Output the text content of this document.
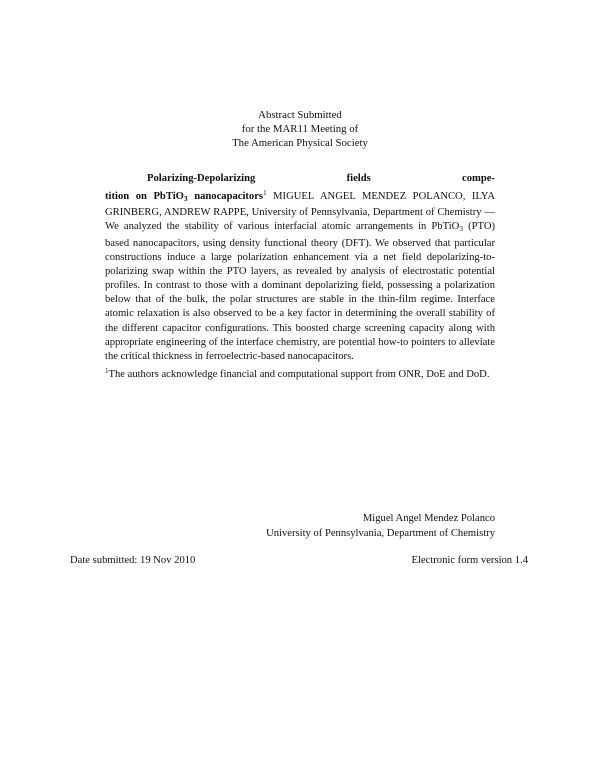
Abstract Submitted
for the MAR11 Meeting of
The American Physical Society
Polarizing-Depolarizing fields compe-
tition on PbTiO$_3$ nanocapacitors$^1$ MIGUEL ANGEL MENDEZ POLANCO, ILYA GRINBERG, ANDREW RAPPE, University of Pennsylvania, Department of Chemistry — We analyzed the stability of various interfacial atomic arrangements in PbTiO$_3$ (PTO) based nanocapacitors, using density functional theory (DFT). We observed that particular constructions induce a large polarization enhancement via a net field depolarizing-to-polarizing swap within the PTO layers, as revealed by analysis of electrostatic potential profiles. In contrast to those with a dominant depolarizing field, possessing a polarization below that of the bulk, the polar structures are stable in the thin-film regime. Interface atomic relaxation is also observed to be a key factor in determining the overall stability of the different capacitor configurations. This boosted charge screening capacity along with appropriate engineering of the interface chemistry, are potential how-to pointers to alleviate the critical thickness in ferroelectric-based nanocapacitors.
$^1$The authors acknowledge financial and computational support from ONR, DoE and DoD.
Miguel Angel Mendez Polanco
University of Pennsylvania, Department of Chemistry
Date submitted: 19 Nov 2010	Electronic form version 1.4
